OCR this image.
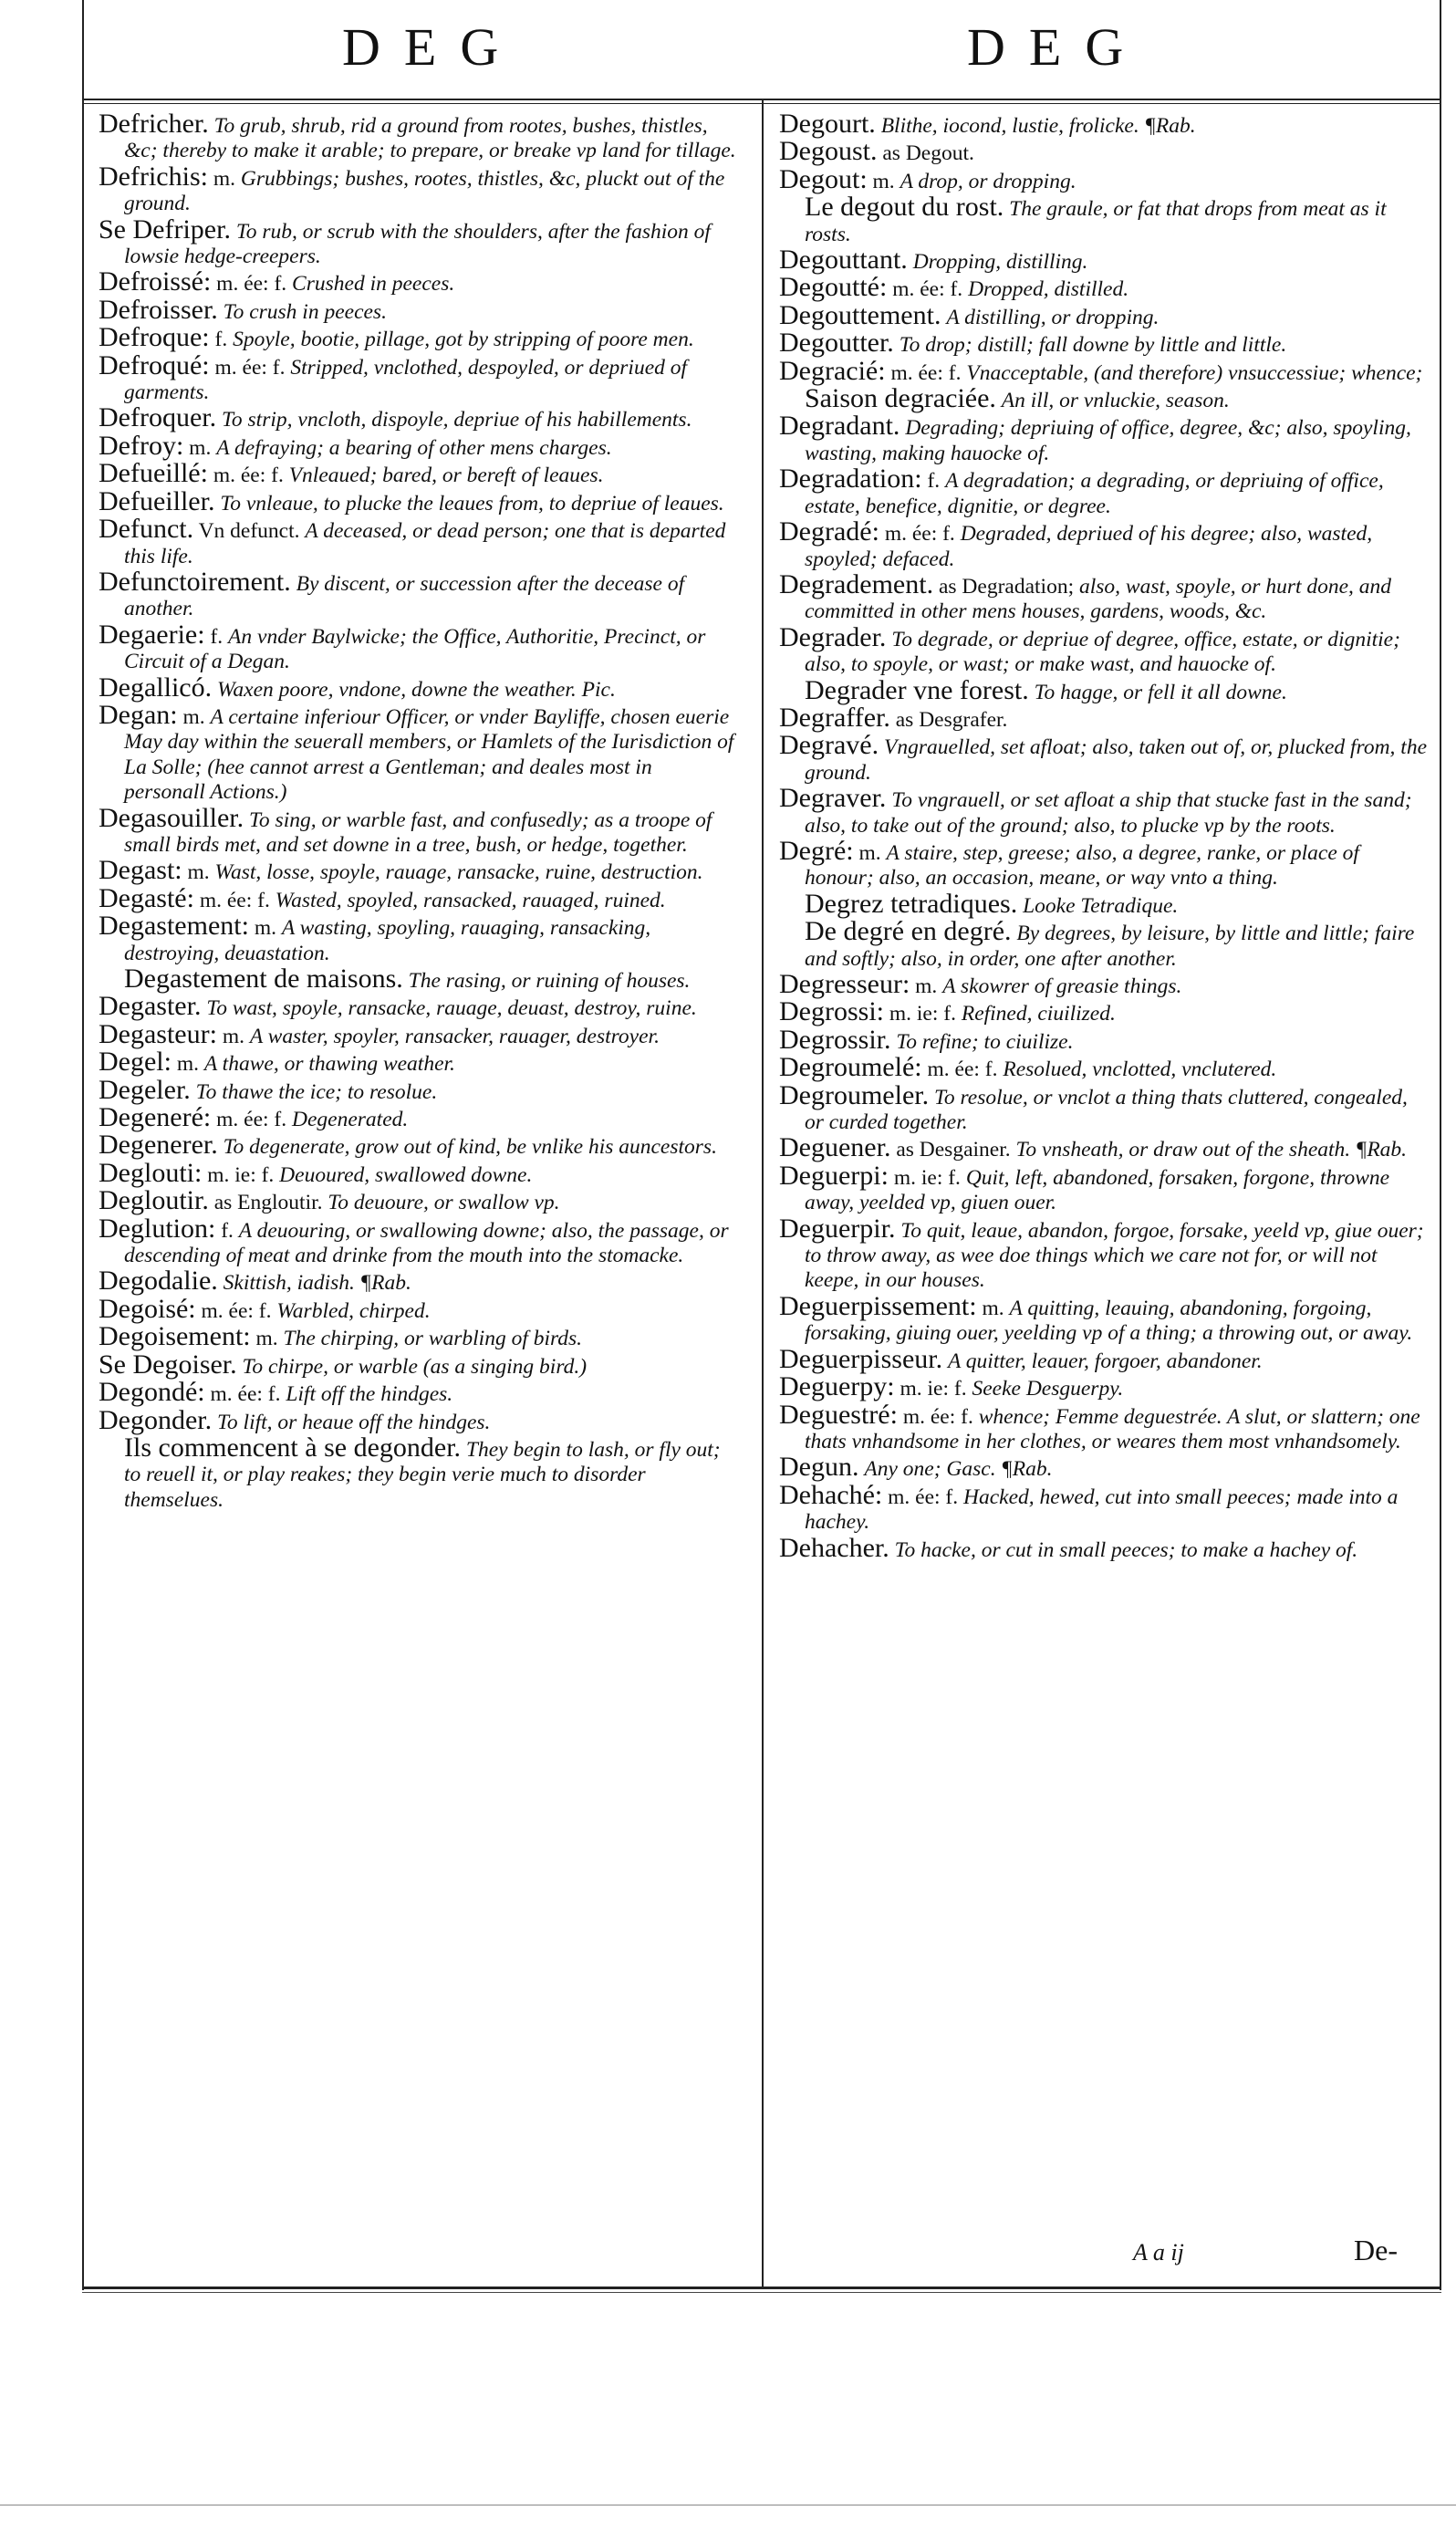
DEG	DEG

Defricher. To grub, shrub, rid a ground from rootes, bushes, thistles, &c; thereby to make it arable; to prepare, or breake vp land for tillage.

Defrichis: m. Grubbings; bushes, rootes, thistles, &c, pluckt out of the ground.

Se Defriper. To rub, or scrub with the shoulders, after the fashion of lowsie hedge-creepers.

Defroissé: m. ée: f. Crushed in peeces.

Defroisser. To crush in peeces.

Defroque: f. Spoyle, bootie, pillage, got by stripping of poore men.

Defroqué: m. ée: f. Stripped, vnclothed, despoyled, or depriued of garments.

Defroquer. To strip, vncloth, dispoyle, depriue of his habillements.

Defroy: m. A defraying; a bearing of other mens charges.

Defueillé: m. ée: f. Vnleaued; bared, or bereft of leaues.

Defueiller. To vnleaue, to plucke the leaues from, to depriue of leaues.

Defunct. Vn defunct. A deceased, or dead person; one that is departed this life.

Defunctoirement. By discent, or succession after the decease of another.

Degaerie: f. An vnder Baylwicke; the Office, Authoritie, Precinct, or Circuit of a Degan.

Degallicó. Waxen poore, vndone, downe the weather. Pic.

Degan: m. A certaine inferiour Officer, or vnder Bayliffe, chosen euerie May day within the seuerall members, or Hamlets of the Iurisdiction of La Solle; (hee cannot arrest a Gentleman; and deales most in personall Actions.)

Degasouiller. To sing, or warble fast, and confusedly; as a troope of small birds met, and set downe in a tree, bush, or hedge, together.

Degast: m. Wast, losse, spoyle, rauage, ransacke, ruine, destruction.

Degasté: m. ée: f. Wasted, spoyled, ransacked, rauaged, ruined.

Degastement: m. A wasting, spoyling, rauaging, ransacking, destroying, deuastation.

Degastement de maisons. The rasing, or ruining of houses.

Degaster. To wast, spoyle, ransacke, rauage, deuast, destroy, ruine.

Degasteur: m. A waster, spoyler, ransacker, rauager, destroyer.

Degel: m. A thawe, or thawing weather.

Degeler. To thawe the ice; to resolue.

Degeneré: m. ée: f. Degenerated.

Degenerer. To degenerate, grow out of kind, be vnlike his auncestors.

Deglouti: m. ie: f. Deuoured, swallowed downe.

Degloutir. as Engloutir. To deuoure, or swallow vp.

Deglution: f. A deuouring, or swallowing downe; also, the passage, or descending of meat and drinke from the mouth into the stomacke.

Degodalie. Skittish, iadish. ¶Rab.

Degoisé: m. ée: f. Warbled, chirped.

Degoisement: m. The chirping, or warbling of birds.

Se Degoiser. To chirpe, or warble (as a singing bird.)

Degondé: m. ée: f. Lift off the hindges.

Degonder. To lift, or heaue off the hindges.

Ils commencent à se degonder. They begin to lash, or fly out; to reuell it, or play reakes; they begin verie much to disorder themselues.

Degourt. Blithe, iocond, lustie, frolicke. ¶Rab.

Degoust. as Degout.

Degout: m. A drop, or dropping.

Le degout du rost. The graule, or fat that drops from meat as it rosts.

Degouttant. Dropping, distilling.

Degoutté: m. ée: f. Dropped, distilled.

Degouttement. A distilling, or dropping.

Degoutter. To drop; distill; fall downe by little and little.

Degracié: m. ée: f. Vnacceptable, (and therefore) vnsuccessiue; whence;

Saison degraciée. An ill, or vnluckie, season.

Degradant. Degrading; depriuing of office, degree, &c; also, spoyling, wasting, making hauocke of.

Degradation: f. A degradation; a degrading, or depriuing of office, estate, benefice, dignitie, or degree.

Degradé: m. ée: f. Degraded, depriued of his degree; also, wasted, spoyled; defaced.

Degradement. as Degradation; also, wast, spoyle, or hurt done, and committed in other mens houses, gardens, woods, &c.

Degrader. To degrade, or depriue of degree, office, estate, or dignitie; also, to spoyle, or wast; or make wast, and hauocke of.

Degrader vne forest. To hagge, or fell it all downe.

Degraffer. as Desgrafer.

Degravé. Vngrauelled, set afloat; also, taken out of, or, plucked from, the ground.

Degraver. To vngrauell, or set afloat a ship that stucke fast in the sand; also, to take out of the ground; also, to plucke vp by the roots.

Degré: m. A staire, step, greese; also, a degree, ranke, or place of honour; also, an occasion, meane, or way vnto a thing.

Degrez tetradiques. Looke Tetradique.

De degré en degré. By degrees, by leisure, by little and little; faire and softly; also, in order, one after another.

Degresseur: m. A skowrer of greasie things.

Degrossi: m. ie: f. Refined, ciuilized.

Degrossir. To refine; to ciuilize.

Degroumelé: m. ée: f. Resolued, vnclotted, vnclutered.

Degroumeler. To resolue, or vnclot a thing thats cluttered, congealed, or curded together.

Deguener. as Desgainer. To vnsheath, or draw out of the sheath. ¶Rab.

Deguerpi: m. ie: f. Quit, left, abandoned, forsaken, forgone, throwne away, yeelded vp, giuen ouer.

Deguerpir. To quit, leaue, abandon, forgoe, forsake, yeeld vp, giue ouer; to throw away, as wee doe things which we care not for, or will not keepe, in our houses.

Deguerpissement: m. A quitting, leauing, abandoning, forgoing, forsaking, giuing ouer, yeelding vp of a thing; a throwing out, or away.

Deguerpisseur. A quitter, leauer, forgoer, abandoner.

Deguerpy: m. ie: f. Seeke Desguerpy.

Deguestré: m. ée: f. whence; Femme deguestrée. A slut, or slattern; one thats vnhandsome in her clothes, or weares them most vnhandsomely.

Degun. Any one; Gasc. ¶Rab.

Dehaché: m. ée: f. Hacked, hewed, cut into small peeces; made into a hachey.

Dehacher. To hacke, or cut in small peeces; to make a hachey of.

A a ij	De-
